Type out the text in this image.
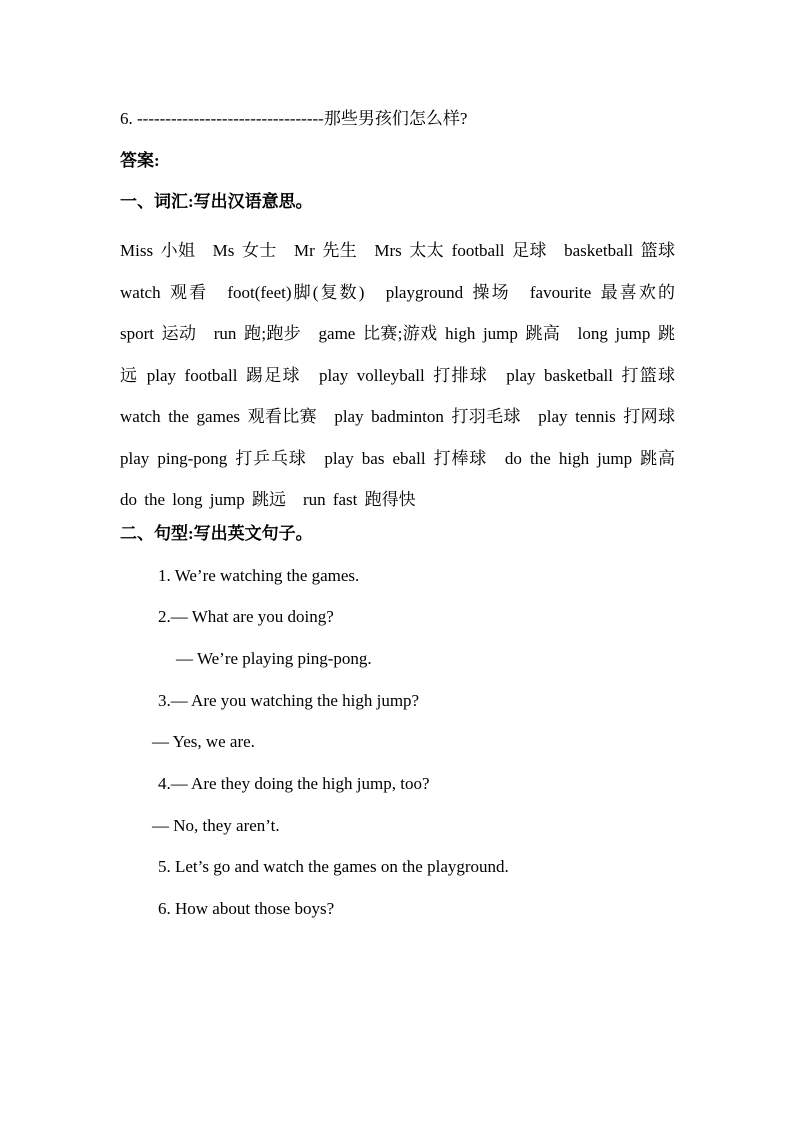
6. ---------------------------------那些男孩们怎么样?
答案:
一、词汇:写出汉语意思。
Miss 小姐　Ms 女士　Mr 先生　Mrs 太太 football 足球　basketball 篮球 watch 观看　foot(feet)脚(复数)　playground 操场　favourite 最喜欢的　sport 运动　run 跑;跑步　game 比赛;游戏 high jump 跳高　long jump 跳远 play football 踢足球　play volleyball 打排球　play basketball 打篮球　watch the games 观看比赛　play badminton 打羽毛球　play tennis 打网球　play ping-pong 打乒乓球　play bas eball 打棒球　do the high jump 跳高　do the long jump 跳远　run fast 跑得快
二、句型:写出英文句子。
1. We’re watching the games.
2.— What are you doing?
— We’re playing ping-pong.
3.— Are you watching the high jump?
— Yes, we are.
4.— Are they doing the high jump, too?
— No, they aren’t.
5. Let’s go and watch the games on the playground.
6. How about those boys?
